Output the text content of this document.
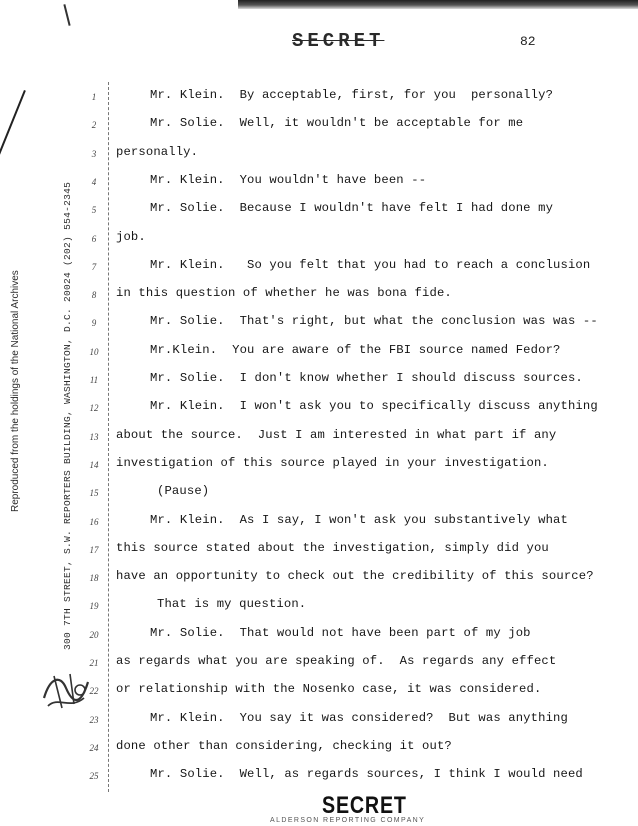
SECRET	82
Reproduced from the holdings of the National Archives	300 7TH STREET, S.W. REPORTERS BUILDING, WASHINGTON, D.C. 20024 (202) 554-2345
1	Mr. Klein.  By acceptable, first, for you  personally?
2	Mr. Solie.  Well, it wouldn't be acceptable for me
3	personally.
4	Mr. Klein.  You wouldn't have been --
5	Mr. Solie.  Because I wouldn't have felt I had done my
6	job.
7	Mr. Klein.   So you felt that you had to reach a conclusion
8	in this question of whether he was bona fide.
9	Mr. Solie.  That's right, but what the conclusion was was --
10	Mr.Klein.  You are aware of the FBI source named Fedor?
11	Mr. Solie.  I don't know whether I should discuss sources.
12	Mr. Klein.  I won't ask you to specifically discuss anything
13	about the source.  Just I am interested in what part if any
14	investigation of this source played in your investigation.
15	(Pause)
16	Mr. Klein.  As I say, I won't ask you substantively what
17	this source stated about the investigation, simply did you
18	have an opportunity to check out the credibility of this source?
19	That is my question.
20	Mr. Solie.  That would not have been part of my job
21	as regards what you are speaking of.  As regards any effect
22	or relationship with the Nosenko case, it was considered.
23	Mr. Klein.  You say it was considered?  But was anything
24	done other than considering, checking it out?
25	Mr. Solie.  Well, as regards sources, I think I would need
SECRET
ALDERSON REPORTING COMPANY
